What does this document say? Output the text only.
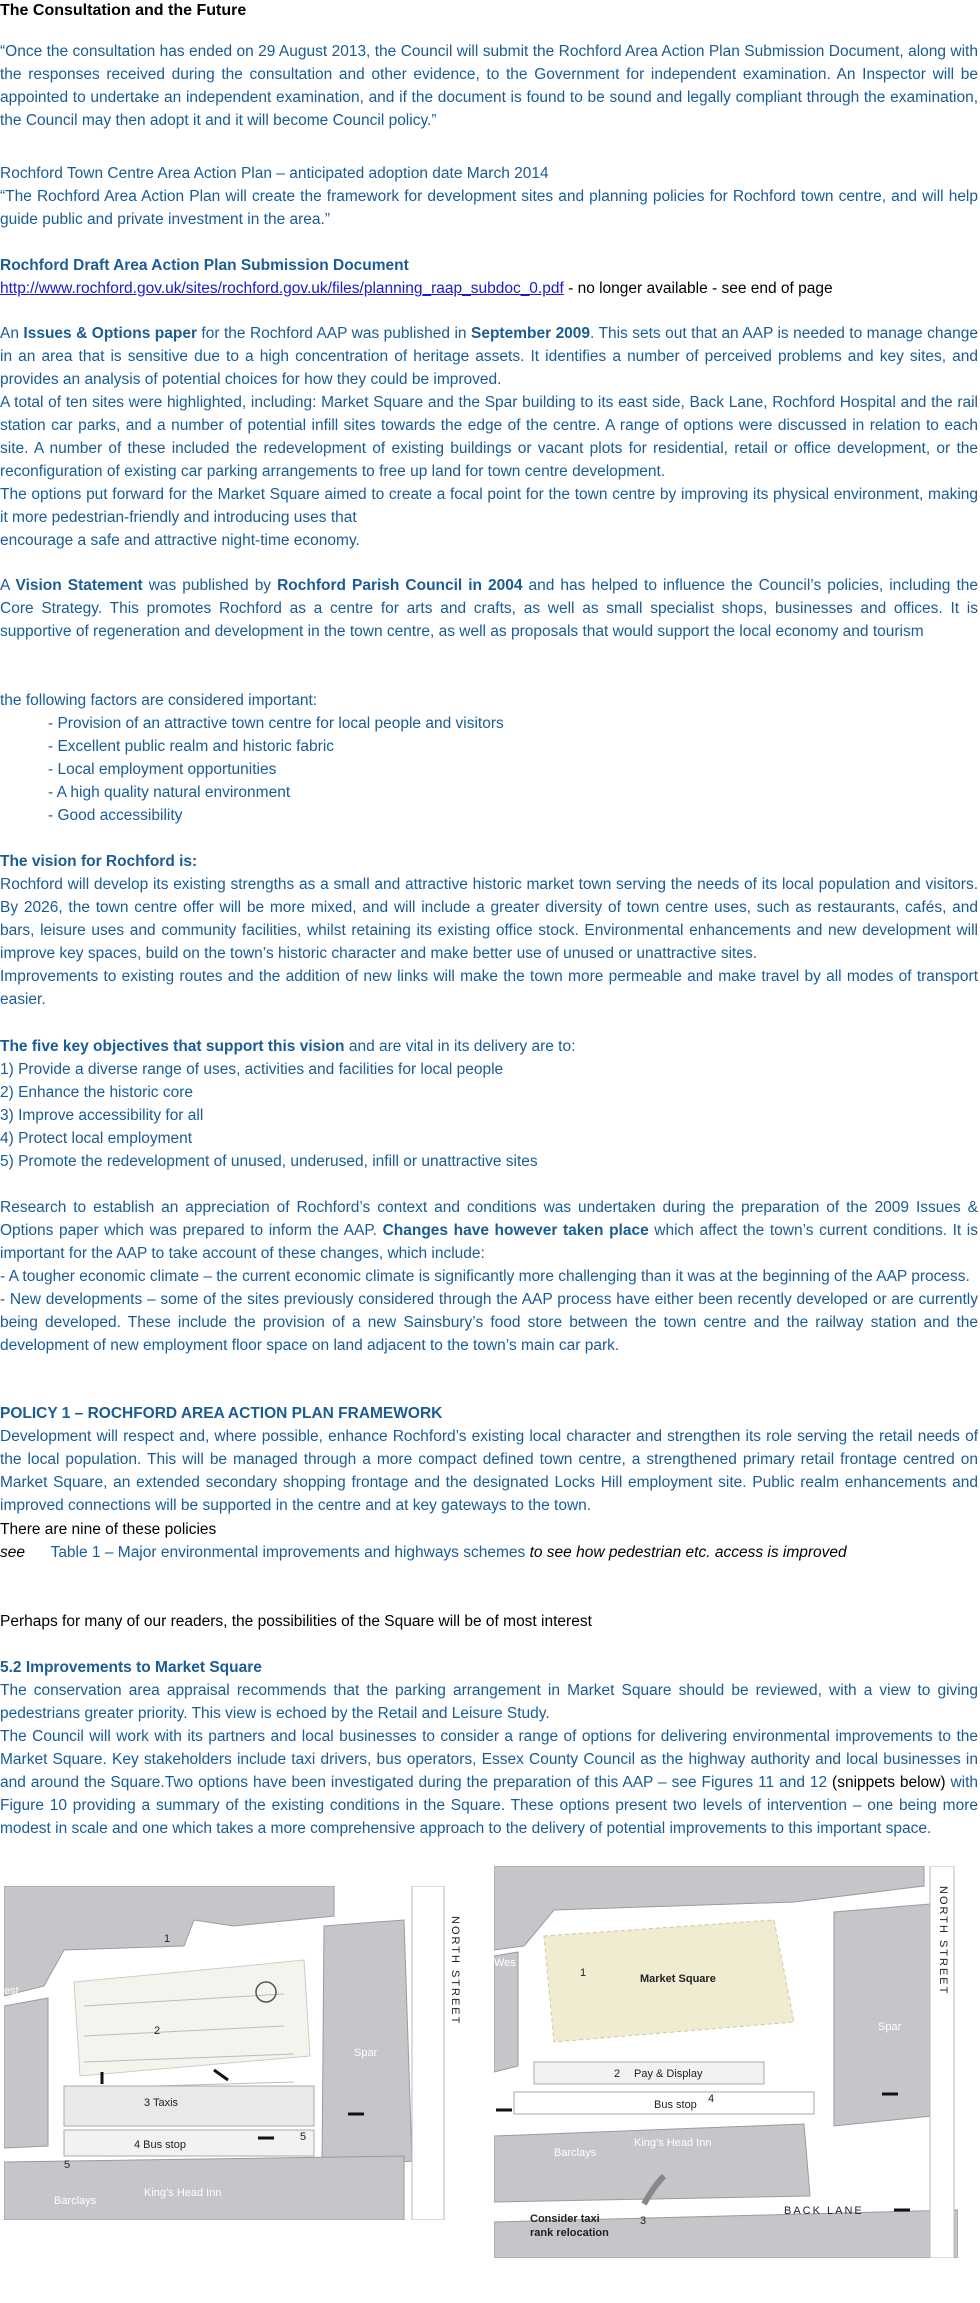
The Consultation and the Future

“Once the consultation has ended on 29 August 2013, the Council will submit the Rochford Area Action Plan Submission Document, along with the responses received during the consultation and other evidence, to the Government for independent examination. An Inspector will be appointed to undertake an independent examination, and if the document is found to be sound and legally compliant through the examination, the Council may then adopt it and it will become Council policy.”

Rochford Town Centre Area Action Plan – anticipated adoption date March 2014

“The Rochford Area Action Plan will create the framework for development sites and planning policies for Rochford town centre, and will help guide public and private investment in the area.”

Rochford Draft Area Action Plan Submission Document

http://www.rochford.gov.uk/sites/rochford.gov.uk/files/planning_raap_subdoc_0.pdf - no longer available - see end of page

An Issues & Options paper for the Rochford AAP was published in September 2009. This sets out that an AAP is needed to manage change in an area that is sensitive due to a high concentration of heritage assets. It identifies a number of perceived problems and key sites, and provides an analysis of potential choices for how they could be improved.

A total of ten sites were highlighted, including: Market Square and the Spar building to its east side, Back Lane, Rochford Hospital and the rail station car parks, and a number of potential infill sites towards the edge of the centre. A range of options were discussed in relation to each site. A number of these included the redevelopment of existing buildings or vacant plots for residential, retail or office development, or the reconfiguration of existing car parking arrangements to free up land for town centre development.

The options put forward for the Market Square aimed to create a focal point for the town centre by improving its physical environment, making it more pedestrian-friendly and introducing uses that

encourage a safe and attractive night-time economy.

A Vision Statement was published by Rochford Parish Council in 2004 and has helped to influence the Council’s policies, including the Core Strategy. This promotes Rochford as a centre for arts and crafts, as well as small specialist shops, businesses and offices. It is supportive of regeneration and development in the town centre, as well as proposals that would support the local economy and tourism

the following factors are considered important:

- Provision of an attractive town centre for local people and visitors
- Excellent public realm and historic fabric
- Local employment opportunities
- A high quality natural environment
- Good accessibility

The vision for Rochford is:

Rochford will develop its existing strengths as a small and attractive historic market town serving the needs of its local population and visitors. By 2026, the town centre offer will be more mixed, and will include a greater diversity of town centre uses, such as restaurants, cafés, and bars, leisure uses and community facilities, whilst retaining its existing office stock. Environmental enhancements and new development will improve key spaces, build on the town’s historic character and make better use of unused or unattractive sites.

Improvements to existing routes and the addition of new links will make the town more permeable and make travel by all modes of transport easier.

The five key objectives that support this vision and are vital in its delivery are to:

1) Provide a diverse range of uses, activities and facilities for local people
2) Enhance the historic core
3) Improve accessibility for all
4) Protect local employment
5) Promote the redevelopment of unused, underused, infill or unattractive sites

Research to establish an appreciation of Rochford’s context and conditions was undertaken during the preparation of the 2009 Issues & Options paper which was prepared to inform the AAP. Changes have however taken place which affect the town’s current conditions. It is important for the AAP to take account of these changes, which include:

- A tougher economic climate – the current economic climate is significantly more challenging than it was at the beginning of the AAP process.

- New developments – some of the sites previously considered through the AAP process have either been recently developed or are currently being developed. These include the provision of a new Sainsbury’s food store between the town centre and the railway station and the development of new employment floor space on land adjacent to the town’s main car park.

POLICY 1 – ROCHFORD AREA ACTION PLAN FRAMEWORK

Development will respect and, where possible, enhance Rochford’s existing local character and strengthen its role serving the retail needs of the local population. This will be managed through a more compact defined town centre, a strengthened primary retail frontage centred on Market Square, an extended secondary shopping frontage and the designated Locks Hill employment site. Public realm enhancements and improved connections will be supported in the centre and at key gateways to the town.

There are nine of these policies

see Table 1 – Major environmental improvements and highways schemes to see how pedestrian etc. access is improved

Perhaps for many of our readers, the possibilities of the Square will be of most interest

5.2 Improvements to Market Square

The conservation area appraisal recommends that the parking arrangement in Market Square should be reviewed, with a view to giving pedestrians greater priority. This view is echoed by the Retail and Leisure Study.

The Council will work with its partners and local businesses to consider a range of options for delivering environmental improvements to the Market Square. Key stakeholders include taxi drivers, bus operators, Essex County Council as the highway authority and local businesses in and around the Square.Two options have been investigated during the preparation of this AAP – see Figures 11 and 12 (snippets below) with Figure 10 providing a summary of the existing conditions in the Square. These options present two levels of intervention – one being more modest in scale and one which takes a more comprehensive approach to the delivery of potential improvements to this important space.

1
2
3 Taxis
4 Bus stop
5
5
Spar
Barclays
King’s Head Inn
NORTH STREET
est
1	Market Square
Spar
2 Pay & Display
Bus stop 4
Barclays
King’s Head Inn
NORTH STREET
BACK LANE
3
Consider taxi
rank relocation
Wes
